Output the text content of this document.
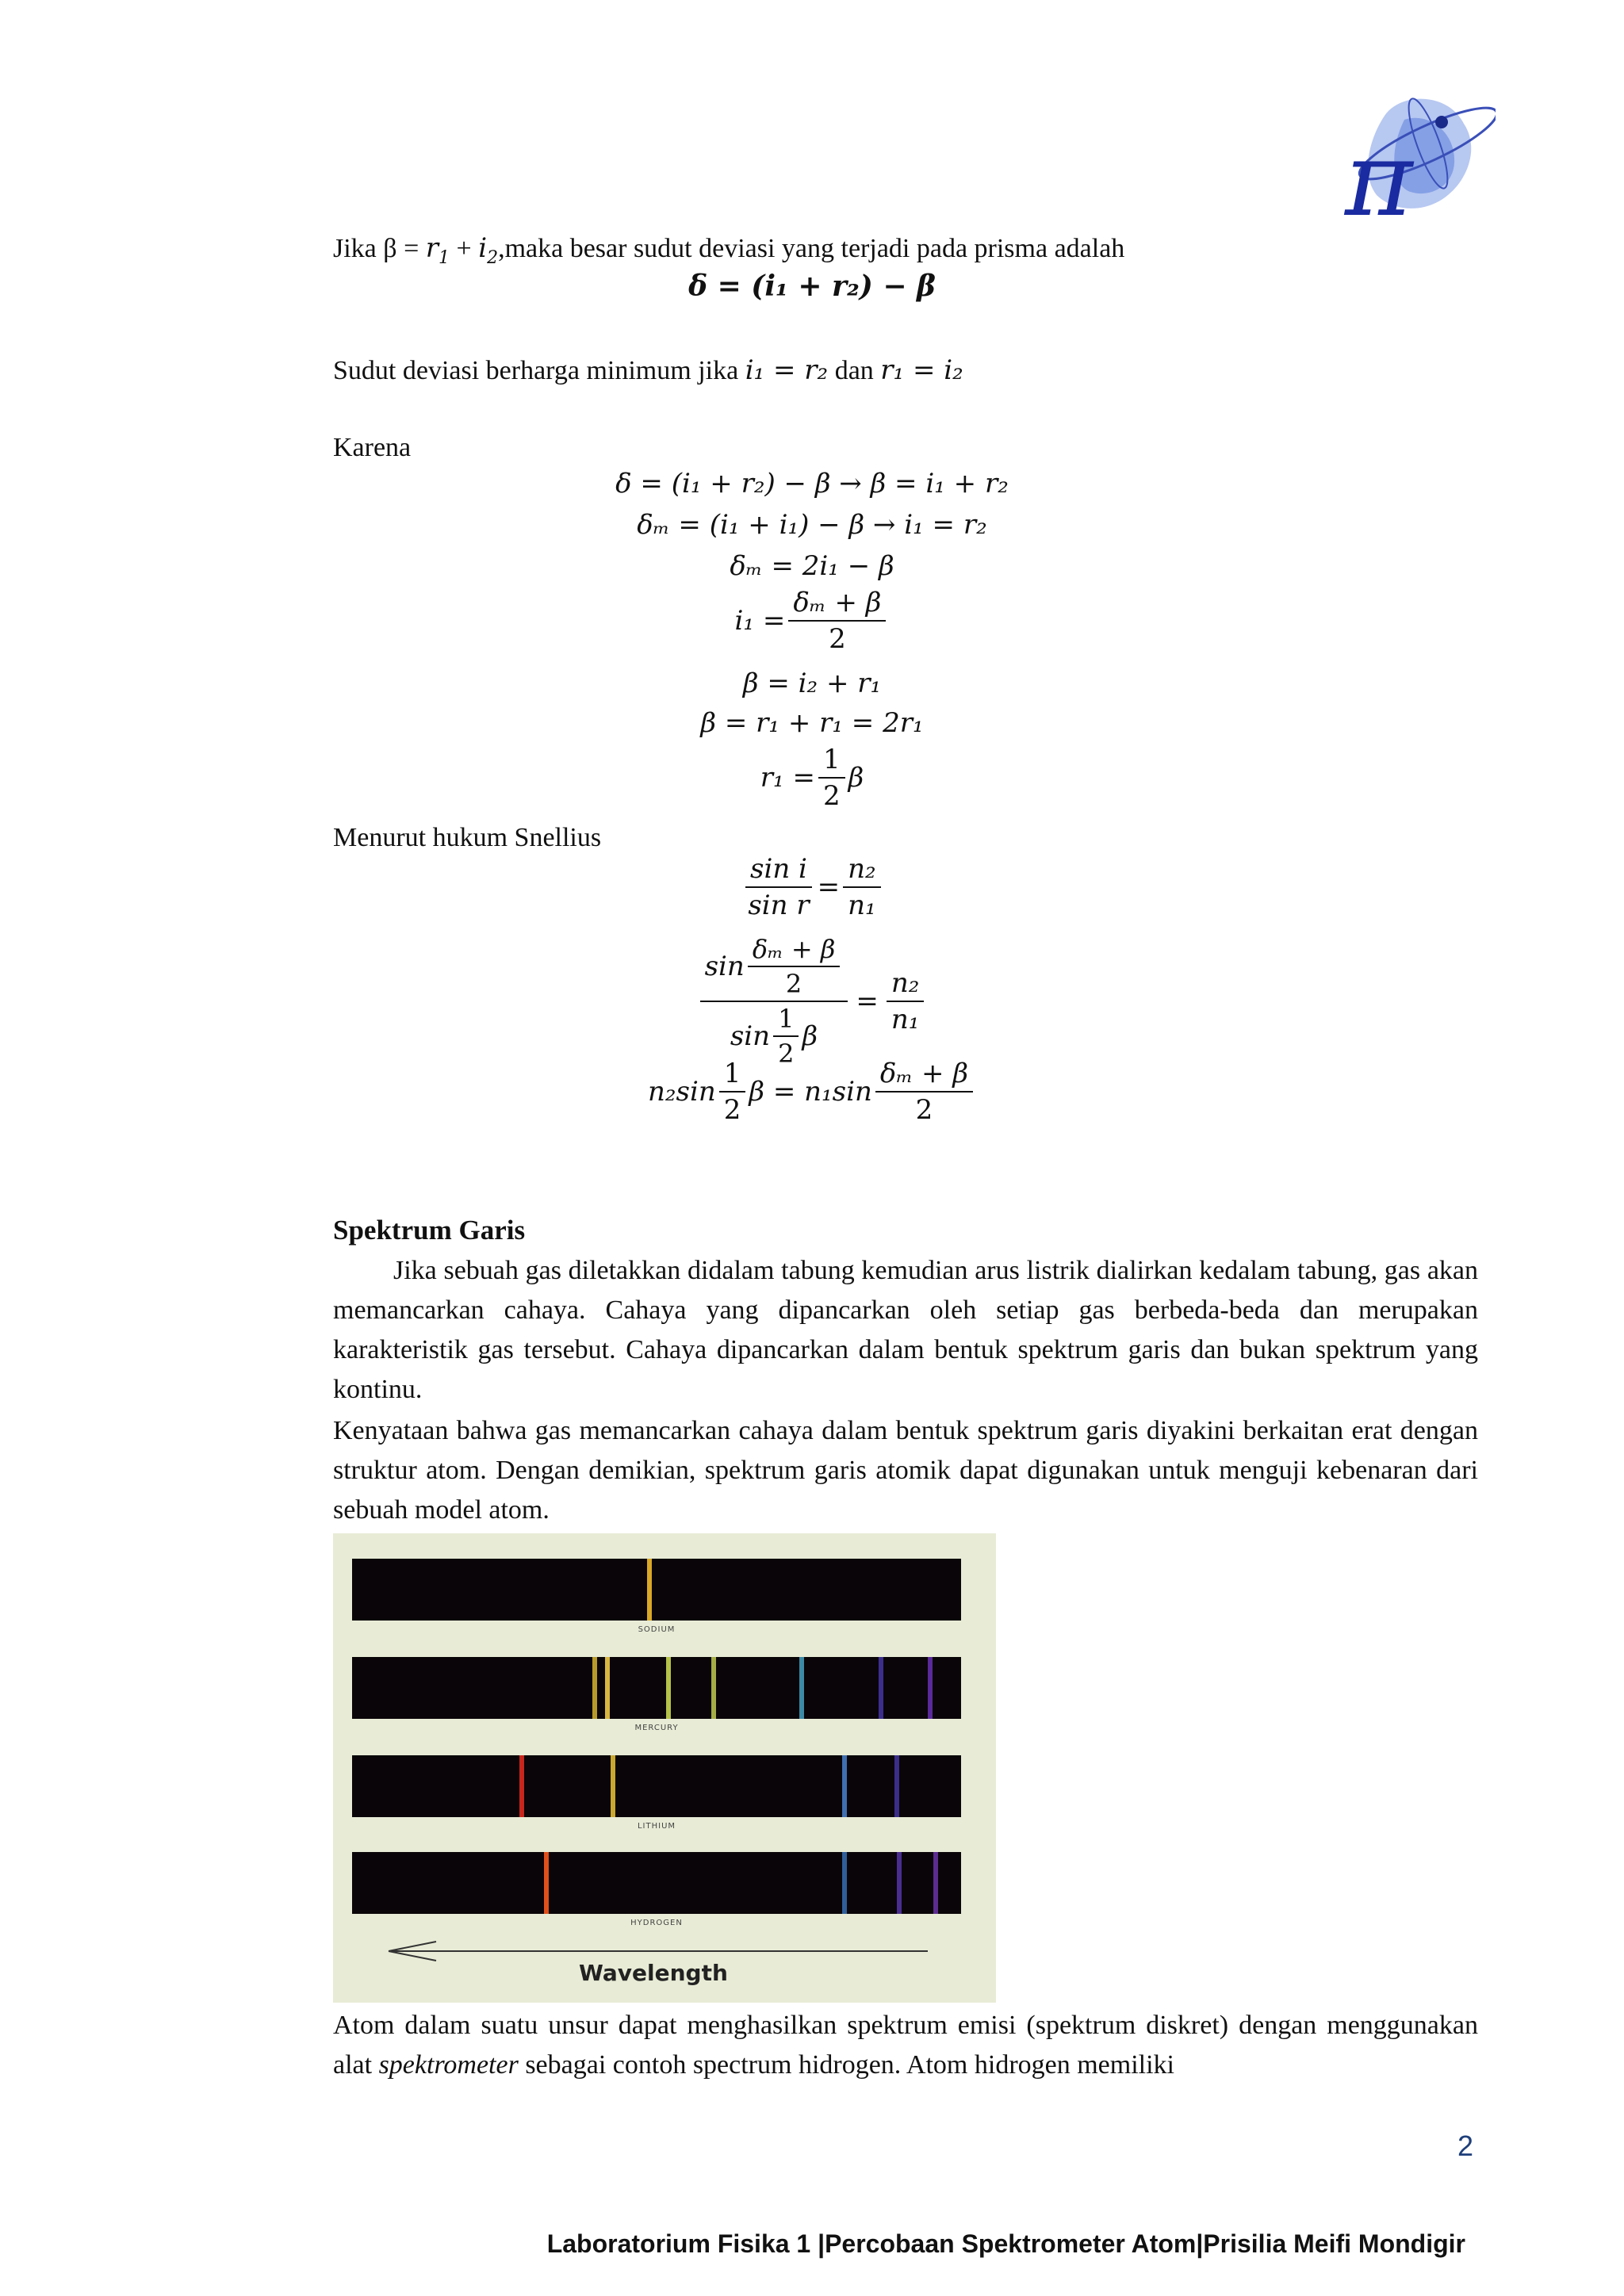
π
Jika $\beta = r_1$ + $i_2,maka$ besar sudut deviasi yang terjadi pada prisma adalah
δ = (i₁ + r₂) − β
Sudut deviasi berharga minimum jika i₁ = r₂ dan r₁ = i₂
Karena
δ = (i₁ + r₂) − β → β = i₁ + r₂
δₘ = (i₁ + i₁) − β → i₁ = r₂
δₘ = 2i₁ − β
$i_1 = \frac{\text{δₘ + β}}{2}$
β = i₂ + r₁
β = r₁ + r₁ = 2r₁
$r_1 = \frac{1}{2}$ β
Menurut hukum Snellius
$\frac{\text{sin i}}{\text{sin r}} = \frac{\text{n₂}}{\text{n₁}}$
$\frac{\sin \frac{\text{δₘ + β}}{2}}{\sin \frac{1}{2} \beta} = \frac{\text{n₂}}{\text{n₁}}$
$n_2\sin \frac{1}{2}$ $\beta = n_1\sin \frac{\text{δₘ + β}}{2}$
Spektrum Garis
Jika sebuah gas diletakkan didalam tabung kemudian arus listrik dialirkan kedalam tabung, gas akan memancarkan cahaya. Cahaya yang dipancarkan oleh setiap gas berbeda-beda dan merupakan karakteristik gas tersebut. Cahaya dipancarkan dalam bentuk spektrum garis dan bukan spektrum yang kontinu.
Kenyataan bahwa gas memancarkan cahaya dalam bentuk spektrum garis diyakini berkaitan erat dengan struktur atom. Dengan demikian, spektrum garis atomik dapat digunakan untuk menguji kebenaran dari sebuah model atom.
Wavelength
SODIUM
MERCURY
LITHIUM
HYDROGEN
Atom dalam suatu unsur dapat menghasilkan spektrum emisi (spektrum diskret) dengan menggunakan alat spektrometer sebagai contoh spectrum hidrogen. Atom hidrogen memiliki
2
Laboratorium Fisika 1 |Percobaan Spektrometer Atom|Prisilia Meifi Mondigir
